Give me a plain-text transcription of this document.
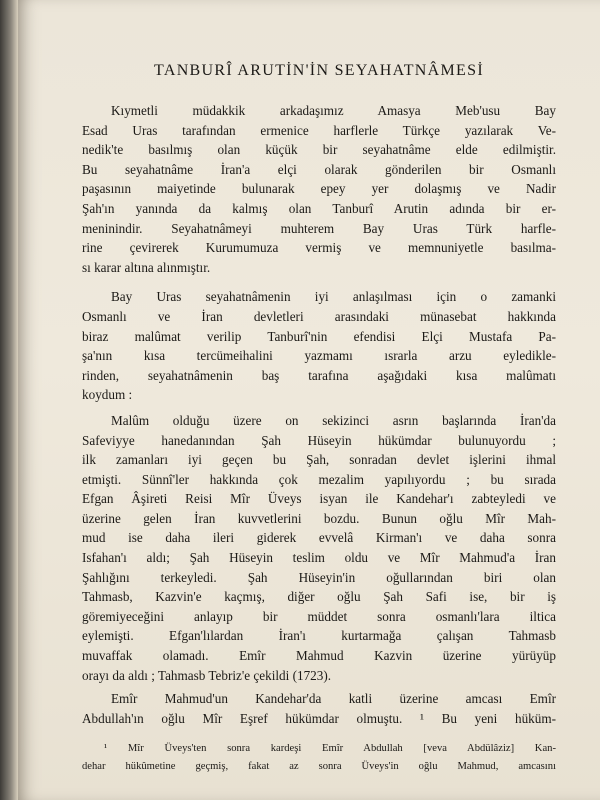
TANBURÎ ARUTİN'İN SEYAHATNÂMESİ

Kıymetli müdakkik arkadaşımız Amasya Meb'usu Bay
Esad Uras tarafından ermenice harflerle Türkçe yazılarak Ve-
nedik'te basılmış olan küçük bir seyahatnâme elde edilmiştir.
Bu seyahatnâme İran'a elçi olarak gönderilen bir Osmanlı
paşasının maiyetinde bulunarak epey yer dolaşmış ve Nadir
Şah'ın yanında da kalmış olan Tanburî Arutin adında bir er-
meninindir. Seyahatnâmeyi muhterem Bay Uras Türk harfle-
rine çevirerek Kurumumuza vermiş ve memnuniyetle basılma-
sı karar altına alınmıştır.

Bay Uras seyahatnâmenin iyi anlaşılması için o zamanki
Osmanlı ve İran devletleri arasındaki münasebat hakkında
biraz malûmat verilip Tanburî'nin efendisi Elçi Mustafa Pa-
şa'nın kısa tercümeihalini yazmamı ısrarla arzu eyledikle-
rinden, seyahatnâmenin baş tarafına aşağıdaki kısa malûmatı
koydum :

Malûm olduğu üzere on sekizinci asrın başlarında İran'da
Safeviyye hanedanından Şah Hüseyin hükümdar bulunuyordu ;
ilk zamanları iyi geçen bu Şah, sonradan devlet işlerini ihmal
etmişti. Sünnî'ler hakkında çok mezalim yapılıyordu ; bu sırada
Efgan Âşireti Reisi Mîr Üveys isyan ile Kandehar'ı zabteyledi ve
üzerine gelen İran kuvvetlerini bozdu. Bunun oğlu Mîr Mah-
mud ise daha ileri giderek evvelâ Kirman'ı ve daha sonra
Isfahan'ı aldı; Şah Hüseyin teslim oldu ve Mîr Mahmud'a İran
Şahlığını terkeyledi. Şah Hüseyin'in oğullarından biri olan
Tahmasb, Kazvin'e kaçmış, diğer oğlu Şah Safi ise, bir iş
göremiyeceğini anlayıp bir müddet sonra osmanlı'lara iltica
eylemişti. Efgan'lılardan İran'ı kurtarmağa çalışan Tahmasb
muvaffak olamadı. Emîr Mahmud Kazvin üzerine yürüyüp
orayı da aldı ; Tahmasb Tebriz'e çekildi (1723).

Emîr Mahmud'un Kandehar'da katli üzerine amcası Emîr
Abdullah'ın oğlu Mîr Eşref hükümdar olmuştu. ¹ Bu yeni hüküm-

¹ Mîr Üveys'ten sonra kardeşi Emîr Abdullah [veva Abdülâziz] Kan-
dehar hükûmetine geçmiş, fakat az sonra Üveys'in oğlu Mahmud, amcasını
